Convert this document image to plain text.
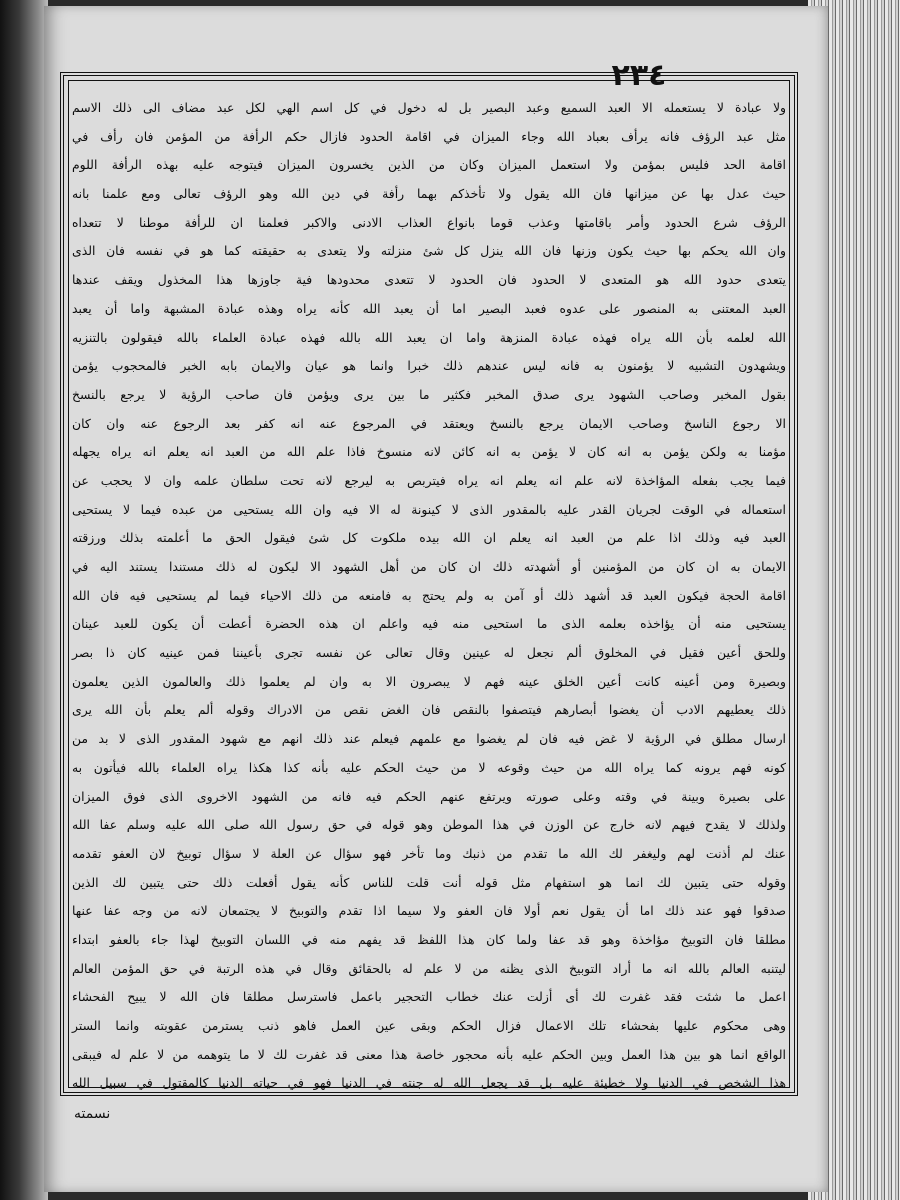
٢٣٤
ولا عبادة لا يستعمله الا العبد السميع وعبد البصير بل له دخول في كل اسم الهي لكل عبد مضاف الى ذلك الاسم
مثل عبد الرؤف فانه يرأف بعباد الله وجاء الميزان في اقامة الحدود فازال حكم الرأفة من المؤمن فان رأف في
اقامة الحد فليس بمؤمن ولا استعمل الميزان وكان من الذين يخسرون الميزان فيتوجه عليه بهذه الرأفة اللوم
حيث عدل بها عن ميزانها فان الله يقول ولا تأخذكم بهما رأفة في دين الله وهو الرؤف تعالى ومع علمنا بانه
الرؤف شرع الحدود وأمر باقامتها وعذب قوما بانواع العذاب الادنى والاكبر فعلمنا ان للرأفة موطنا لا تتعداه
وان الله يحكم بها حيث يكون وزنها فان الله ينزل كل شئ منزلته ولا يتعدى به حقيقته كما هو في نفسه فان الذى
يتعدى حدود الله هو المتعدى لا الحدود فان الحدود لا تتعدى محدودها فية جاوزها هذا المخذول ويقف عندها
العبد المعتنى به المنصور على عدوه فعبد البصير اما أن يعبد الله كأنه يراه وهذه عبادة المشبهة واما أن يعبد
الله لعلمه بأن الله يراه فهذه عبادة المنزهة واما ان يعبد الله بالله فهذه عبادة العلماء بالله فيقولون بالتنزيه
ويشهدون التشبيه لا يؤمنون به فانه ليس عندهم ذلك خبرا وانما هو عيان والايمان بابه الخبر فالمحجوب يؤمن
بقول المخبر وصاحب الشهود يرى صدق المخبر فكثير ما بين يرى ويؤمن فان صاحب الرؤية لا يرجع بالنسخ
الا رجوع الناسخ وصاحب الايمان يرجع بالنسخ ويعتقد في المرجوع عنه انه كفر بعد الرجوع عنه وان كان
مؤمنا به ولكن يؤمن به انه كان لا يؤمن به انه كائن لانه منسوخ فاذا علم الله من العبد انه يعلم انه يراه يجهله
فيما يجب بفعله المؤاخذة لانه علم انه يعلم انه يراه فيتربص به ليرجع لانه تحت سلطان علمه وان لا يحجب عن
استعماله في الوقت لجريان القدر عليه بالمقدور الذى لا كينونة له الا فيه وان الله يستحيى من عبده فيما لا يستحيى
العبد فيه وذلك اذا علم من العبد انه يعلم ان الله بيده ملكوت كل شئ فيقول الحق ما أعلمته بذلك ورزقته
الايمان به ان كان من المؤمنين أو أشهدته ذلك ان كان من أهل الشهود الا ليكون له ذلك مستندا يستند اليه في
اقامة الحجة فيكون العبد قد أشهد ذلك أو آمن به ولم يحتج به فامنعه من ذلك الاحياء فيما لم يستحيى فيه فان الله
يستحيى منه أن يؤاخذه بعلمه الذى ما استحيى منه فيه واعلم ان هذه الحضرة أعطت أن يكون للعبد عينان
وللحق أعين فقيل في المخلوق ألم نجعل له عينين وقال تعالى عن نفسه تجرى بأعيننا فمن عينيه كان ذا بصر
وبصيرة ومن أعينه كانت أعين الخلق عينه فهم لا يبصرون الا به وان لم يعلموا ذلك والعالمون الذين يعلمون
ذلك يعطيهم الادب أن يغضوا أبصارهم فيتصفوا بالنقص فان الغض نقص من الادراك وقوله ألم يعلم بأن الله يرى
ارسال مطلق في الرؤية لا غض فيه فان لم يغضوا مع علمهم فيعلم عند ذلك انهم مع شهود المقدور الذى لا بد من
كونه فهم يرونه كما يراه الله من حيث وقوعه لا من حيث الحكم عليه بأنه كذا هكذا يراه العلماء بالله فيأتون به
على بصيرة وبينة في وقته وعلى صورته ويرتفع عنهم الحكم فيه فانه من الشهود الاخروى الذى فوق الميزان
ولذلك لا يقدح فيهم لانه خارج عن الوزن في هذا الموطن وهو قوله في حق رسول الله صلى الله عليه وسلم عفا الله
عنك لم أذنت لهم وليغفر لك الله ما تقدم من ذنبك وما تأخر فهو سؤال عن العلة لا سؤال توبيخ لان العفو تقدمه
وقوله حتى يتبين لك انما هو استفهام مثل قوله أنت قلت للناس كأنه يقول أفعلت ذلك حتى يتبين لك الذين
صدقوا فهو عند ذلك اما أن يقول نعم أولا فان العفو ولا سيما اذا تقدم والتوبيخ لا يجتمعان لانه من وجه عفا عنها
مطلقا فان التوبيخ مؤاخذة وهو قد عفا ولما كان هذا اللفظ قد يفهم منه في اللسان التوبيخ لهذا جاء بالعفو ابتداء
ليتنبه العالم بالله انه ما أراد التوبيخ الذى يظنه من لا علم له بالحقائق وقال في هذه الرتبة في حق المؤمن العالم
اعمل ما شئت فقد غفرت لك أى أزلت عنك خطاب التحجير باعمل فاسترسل مطلقا فان الله لا يبيح الفحشاء
وهى محكوم عليها بفحشاء تلك الاعمال فزال الحكم وبقى عين العمل فاهو ذنب يسترمن عقوبته وانما الستر
الواقع انما هو بين هذا العمل وبين الحكم عليه بأنه محجور خاصة هذا معنى قد غفرت لك لا ما يتوهمه من لا علم له فيبقى
هذا الشخص في الدنيا ولا خطيئة عليه بل قد يجعل الله له جنته في الدنيا فهو في حياته الدنيا كالمقتول في سبيل الله
نسمته
